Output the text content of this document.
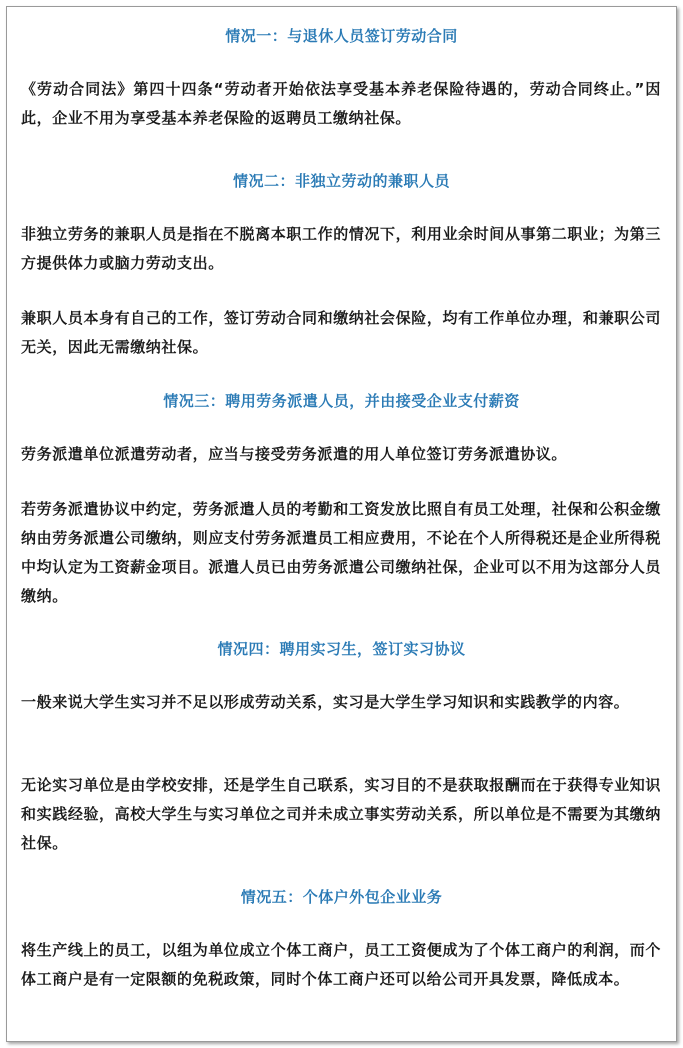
情况一：与退休人员签订劳动合同
《劳动合同法》第四十四条“劳动者开始依法享受基本养老保险待遇的，劳动合同终止。”因此，企业不用为享受基本养老保险的返聘员工缴纳社保。
情况二：非独立劳动的兼职人员
非独立劳务的兼职人员是指在不脱离本职工作的情况下，利用业余时间从事第二职业；为第三方提供体力或脑力劳动支出。
兼职人员本身有自己的工作，签订劳动合同和缴纳社会保险，均有工作单位办理，和兼职公司无关，因此无需缴纳社保。
情况三：聘用劳务派遣人员，并由接受企业支付薪资
劳务派遣单位派遣劳动者，应当与接受劳务派遣的用人单位签订劳务派遣协议。
若劳务派遣协议中约定，劳务派遣人员的考勤和工资发放比照自有员工处理，社保和公积金缴纳由劳务派遣公司缴纳，则应支付劳务派遣员工相应费用，不论在个人所得税还是企业所得税中均认定为工资薪金项目。派遣人员已由劳务派遣公司缴纳社保，企业可以不用为这部分人员缴纳。
情况四：聘用实习生，签订实习协议
一般来说大学生实习并不足以形成劳动关系，实习是大学生学习知识和实践教学的内容。
无论实习单位是由学校安排，还是学生自己联系，实习目的不是获取报酬而在于获得专业知识和实践经验，高校大学生与实习单位之司并未成立事实劳动关系，所以单位是不需要为其缴纳社保。
情况五：个体户外包企业业务
将生产线上的员工，以组为单位成立个体工商户，员工工资便成为了个体工商户的利润，而个体工商户是有一定限额的免税政策，同时个体工商户还可以给公司开具发票，降低成本。
